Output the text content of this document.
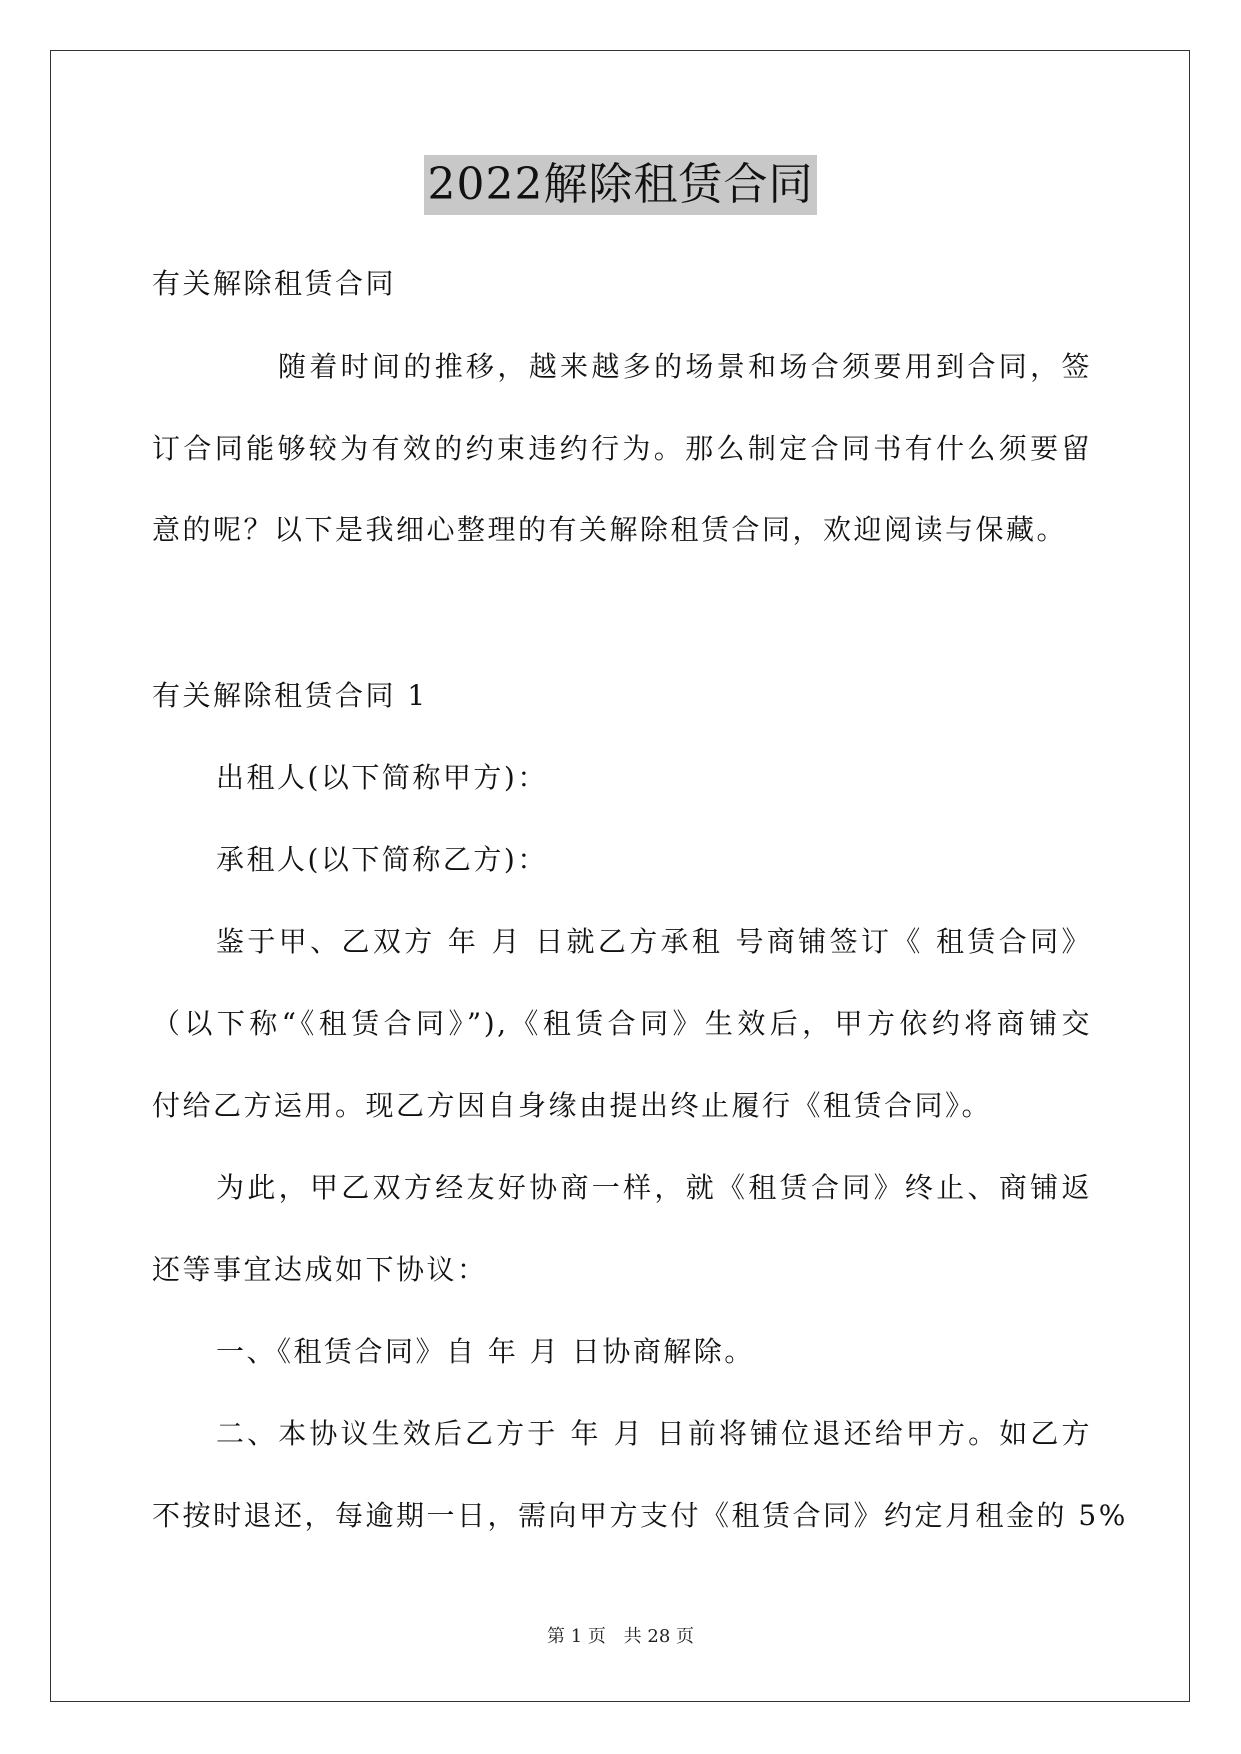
2022解除租赁合同
有关解除租赁合同
随着时间的推移，越来越多的场景和场合须要用到合同，签
订合同能够较为有效的约束违约行为。那么制定合同书有什么须要留
意的呢？以下是我细心整理的有关解除租赁合同，欢迎阅读与保藏。
有关解除租赁合同 1
出租人(以下简称甲方)：
承租人(以下简称乙方)：
鉴于甲、乙双方 年 月 日就乙方承租 号商铺签订《 租赁合同》
（以下称“《租赁合同》”),《租赁合同》生效后，甲方依约将商铺交
付给乙方运用。现乙方因自身缘由提出终止履行《租赁合同》。
为此，甲乙双方经友好协商一样，就《租赁合同》终止、商铺返
还等事宜达成如下协议：
一、《租赁合同》自 年 月 日协商解除。
二、本协议生效后乙方于 年 月 日前将铺位退还给甲方。如乙方
不按时退还，每逾期一日，需向甲方支付《租赁合同》约定月租金的 5%
第 1 页 共 28 页
